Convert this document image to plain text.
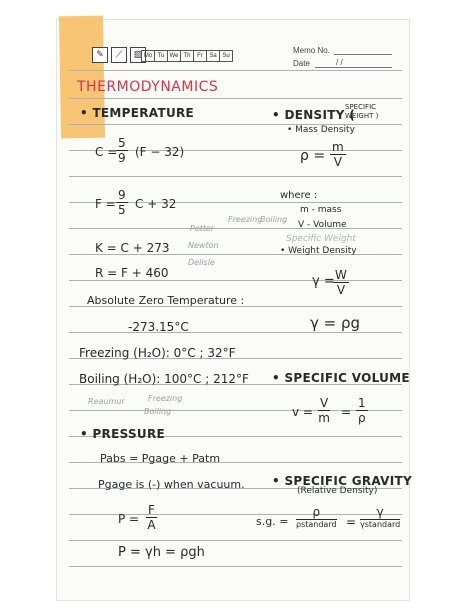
✎	⟋	▨ Mo Tu We Th	Fr	Sa Su
Memo No.
Date	/ /
Potter
Newton
Delisle
Freezing
Boiling
Specific Weight
Reaumur	Freezing
Boiling
THERMODYNAMICS
• TEMPERATURE
C =
$\frac{5}{9} (F - 32)$
$F = \frac{9}{5}$ C + 32
K = C + 273
R = F + 460
Absolute Zero Temperature :
-273.15°C
Freezing (H₂O): 0°C ; 32°F
Boiling (H₂O): 100°C ; 212°F
• PRESSURE
Pabs = Pgage + Patm
Pgage is (-) when vacuum.
$P = \frac{F}{A}$
P = γh = ρgh
• DENSITY (
SPECIFIC
WEIGHT )
• Mass Density
$\rho = \frac{m}{V}$
where :
m - mass
V - Volume
• Weight Density
γ =
$\frac{W}{V}$
γ = ρg
• SPECIFIC VOLUME
$v = \frac{V}{m} = \frac{1}{\rho}$
• SPECIFIC GRAVITY
(Relative Density)
s.g. =
ρ
ρstandard =
γ
γstandard
